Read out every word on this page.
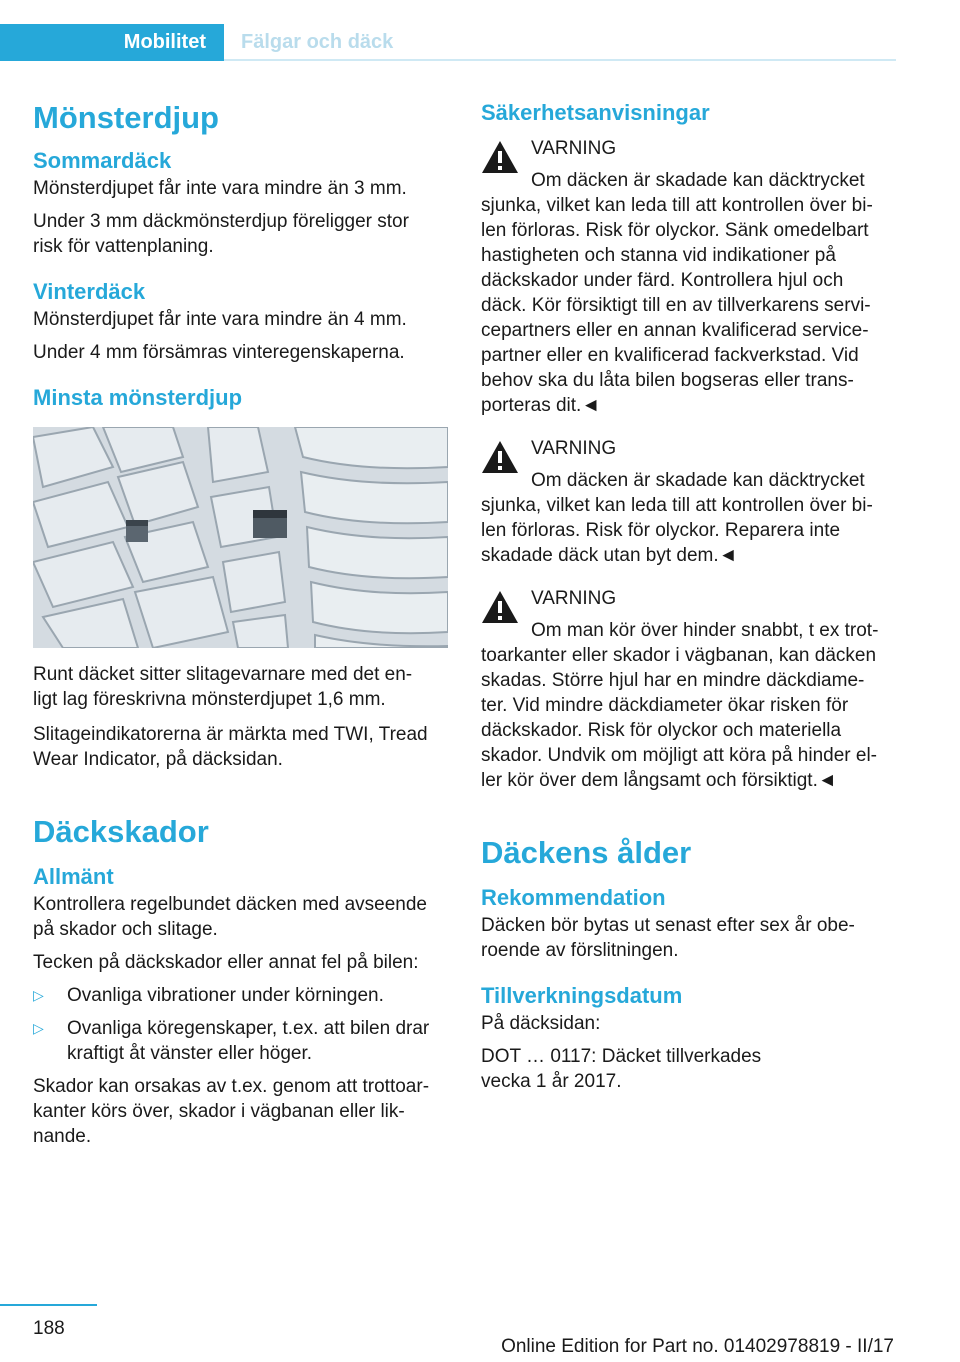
Mobilitet	Fälgar och däck
Mönsterdjup
Sommardäck

Mönsterdjupet får inte vara mindre än 3 mm.

Under 3 mm däckmönsterdjup föreligger stor

risk för vattenplaning.

Vinterdäck

Mönsterdjupet får inte vara mindre än 4 mm.

Under 4 mm försämras vinteregenskaperna.

Minsta mönsterdjup

Runt däcket sitter slitagevarnare med det en-

ligt lag föreskrivna mönsterdjupet 1,6 mm.

Slitageindikatorerna är märkta med TWI, Tread

Wear Indicator, på däcksidan.

Däckskador
Allmänt

Kontrollera regelbundet däcken med avseende

på skador och slitage.

Tecken på däckskador eller annat fel på bilen:

▷	Ovanliga vibrationer under körningen.
▷	Ovanliga köregenskaper, t.ex. att bilen drar
kraftigt åt vänster eller höger.

Skador kan orsakas av t.ex. genom att trottoar-

kanter körs över, skador i vägbanan eller lik-

nande.

Säkerhetsanvisningar
VARNING
Om däcken är skadade kan däcktrycket
sjunka, vilket kan leda till att kontrollen över bi-
len förloras. Risk för olyckor. Sänk omedelbart
hastigheten och stanna vid indikationer på
däckskador under färd. Kontrollera hjul och
däck. Kör försiktigt till en av tillverkarens servi-
cepartners eller en annan kvalificerad service-
partner eller en kvalificerad fackverkstad. Vid
behov ska du låta bilen bogseras eller trans-
porteras dit.◄
VARNING
Om däcken är skadade kan däcktrycket
sjunka, vilket kan leda till att kontrollen över bi-
len förloras. Risk för olyckor. Reparera inte
skadade däck utan byt dem.◄
VARNING
Om man kör över hinder snabbt, t ex trot-
toarkanter eller skador i vägbanan, kan däcken
skadas. Större hjul har en mindre däckdiame-
ter. Vid mindre däckdiameter ökar risken för
däckskador. Risk för olyckor och materiella
skador. Undvik om möjligt att köra på hinder el-
ler kör över dem långsamt och försiktigt.◄
Däckens ålder
Rekommendation

Däcken bör bytas ut senast efter sex år obe-

roende av förslitningen.

Tillverkningsdatum

På däcksidan:

DOT … 0117: Däcket tillverkades

vecka 1 år 2017.

188
Online Edition for Part no. 01402978819 - II/17
